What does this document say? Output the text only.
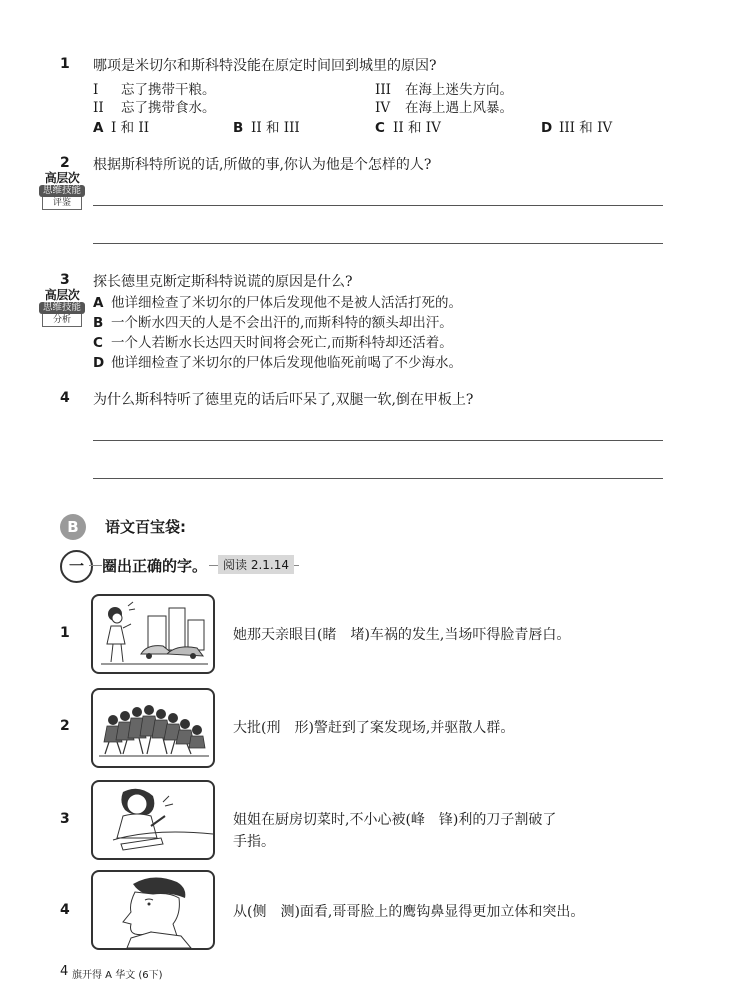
1 哪项是米切尔和斯科特没能在原定时间回到城里的原因?
I 忘了携带干粮。	III 在海上迷失方向。
II 忘了携带食水。	IV 在海上遇上风暴。
A I 和 II	B II 和 III	C II 和 IV	D III 和 IV
2 根据斯科特所说的话,所做的事,你认为他是个怎样的人?
高层次
思维技能
评鉴
3 探长德里克断定斯科特说谎的原因是什么?
高层次
思维技能
分析
A 他详细检查了米切尔的尸体后发现他不是被人活活打死的。
B 一个断水四天的人是不会出汗的,而斯科特的额头却出汗。
C 一个人若断水长达四天时间将会死亡,而斯科特却还活着。
D 他详细检查了米切尔的尸体后发现他临死前喝了不少海水。
4 为什么斯科特听了德里克的话后吓呆了,双腿一软,倒在甲板上?
B	语文百宝袋:
一	圈出正确的字。	阅读 2.1.14
1	她那天亲眼目(睹 堵)车祸的发生,当场吓得脸青唇白。
2	大批(刑 形)警赶到了案发现场,并驱散人群。
3	姐姐在厨房切菜时,不小心被(峰 锋)利的刀子割破了
手指。
4	从(侧 测)面看,哥哥脸上的鹰钩鼻显得更加立体和突出。
4 旗开得 A 华文 (6下)
